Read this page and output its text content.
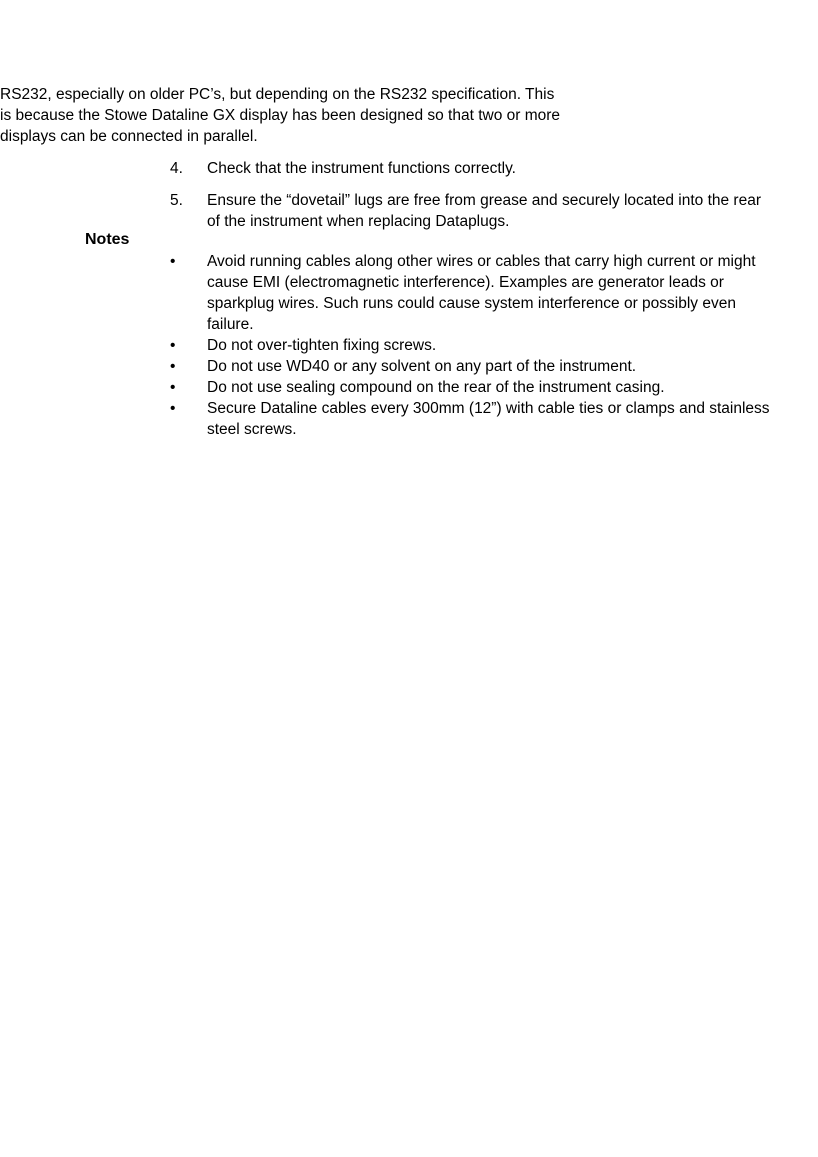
RS232, especially on older PC’s, but depending on the RS232 specification. This is because the Stowe Dataline GX display has been designed so that two or more displays can be connected in parallel.

4.	Check that the instrument functions correctly.
5.	Ensure the “dovetail” lugs are free from grease and securely located into the rear of the instrument when replacing Dataplugs.
Notes
•	Avoid running cables along other wires or cables that carry high current or might cause EMI (electromagnetic interference). Examples are generator leads or sparkplug wires. Such runs could cause system interference or possibly even failure.
•	Do not over-tighten fixing screws.
•	Do not use WD40 or any solvent on any part of the instrument.
•	Do not use sealing compound on the rear of the instrument casing.
•	Secure Dataline cables every 300mm (12”) with cable ties or clamps and stainless steel screws.
